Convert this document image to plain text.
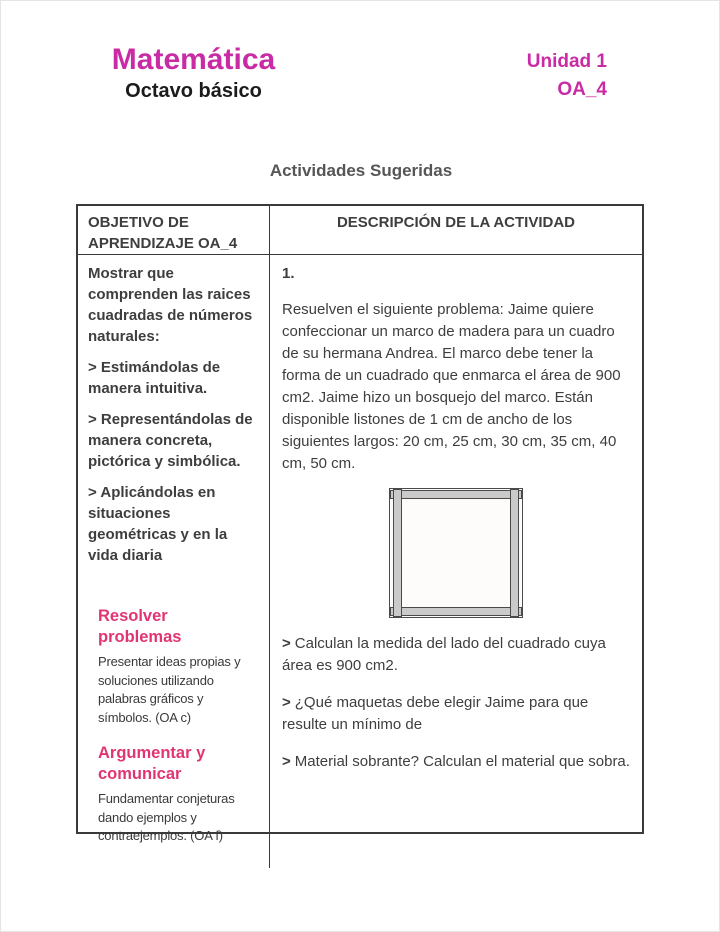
Matemática
Octavo básico
Unidad 1
OA_4
Actividades Sugeridas
OBJETIVO DE APRENDIZAJE OA_4
DESCRIPCIÓN DE LA ACTIVIDAD

Mostrar que comprenden las raices cuadradas de números naturales:

> Estimándolas de manera intuitiva.

> Representándolas de manera concreta, pictórica y simbólica.

> Aplicándolas en situaciones geométricas y en la vida diaria

Resolver problemas
Presentar ideas propias y soluciones utilizando palabras gráficos y símbolos. (OA c)
Argumentar y comunicar
Fundamentar conjeturas dando ejemplos y contraejemplos. (OA f)

1.

Resuelven el siguiente problema: Jaime quiere confeccionar un marco de madera para un cuadro de su hermana Andrea. El marco debe tener la forma de un cuadrado que enmarca el área de 900 cm2. Jaime hizo un bosquejo del marco. Están disponible listones de 1 cm de ancho de los siguientes largos: 20 cm, 25 cm, 30 cm, 35 cm, 40 cm, 50 cm.

> Calculan la medida del lado del cuadrado cuya área es 900 cm2.

> ¿Qué maquetas debe elegir Jaime para que resulte un mínimo de

> Material sobrante? Calculan el material que sobra.
